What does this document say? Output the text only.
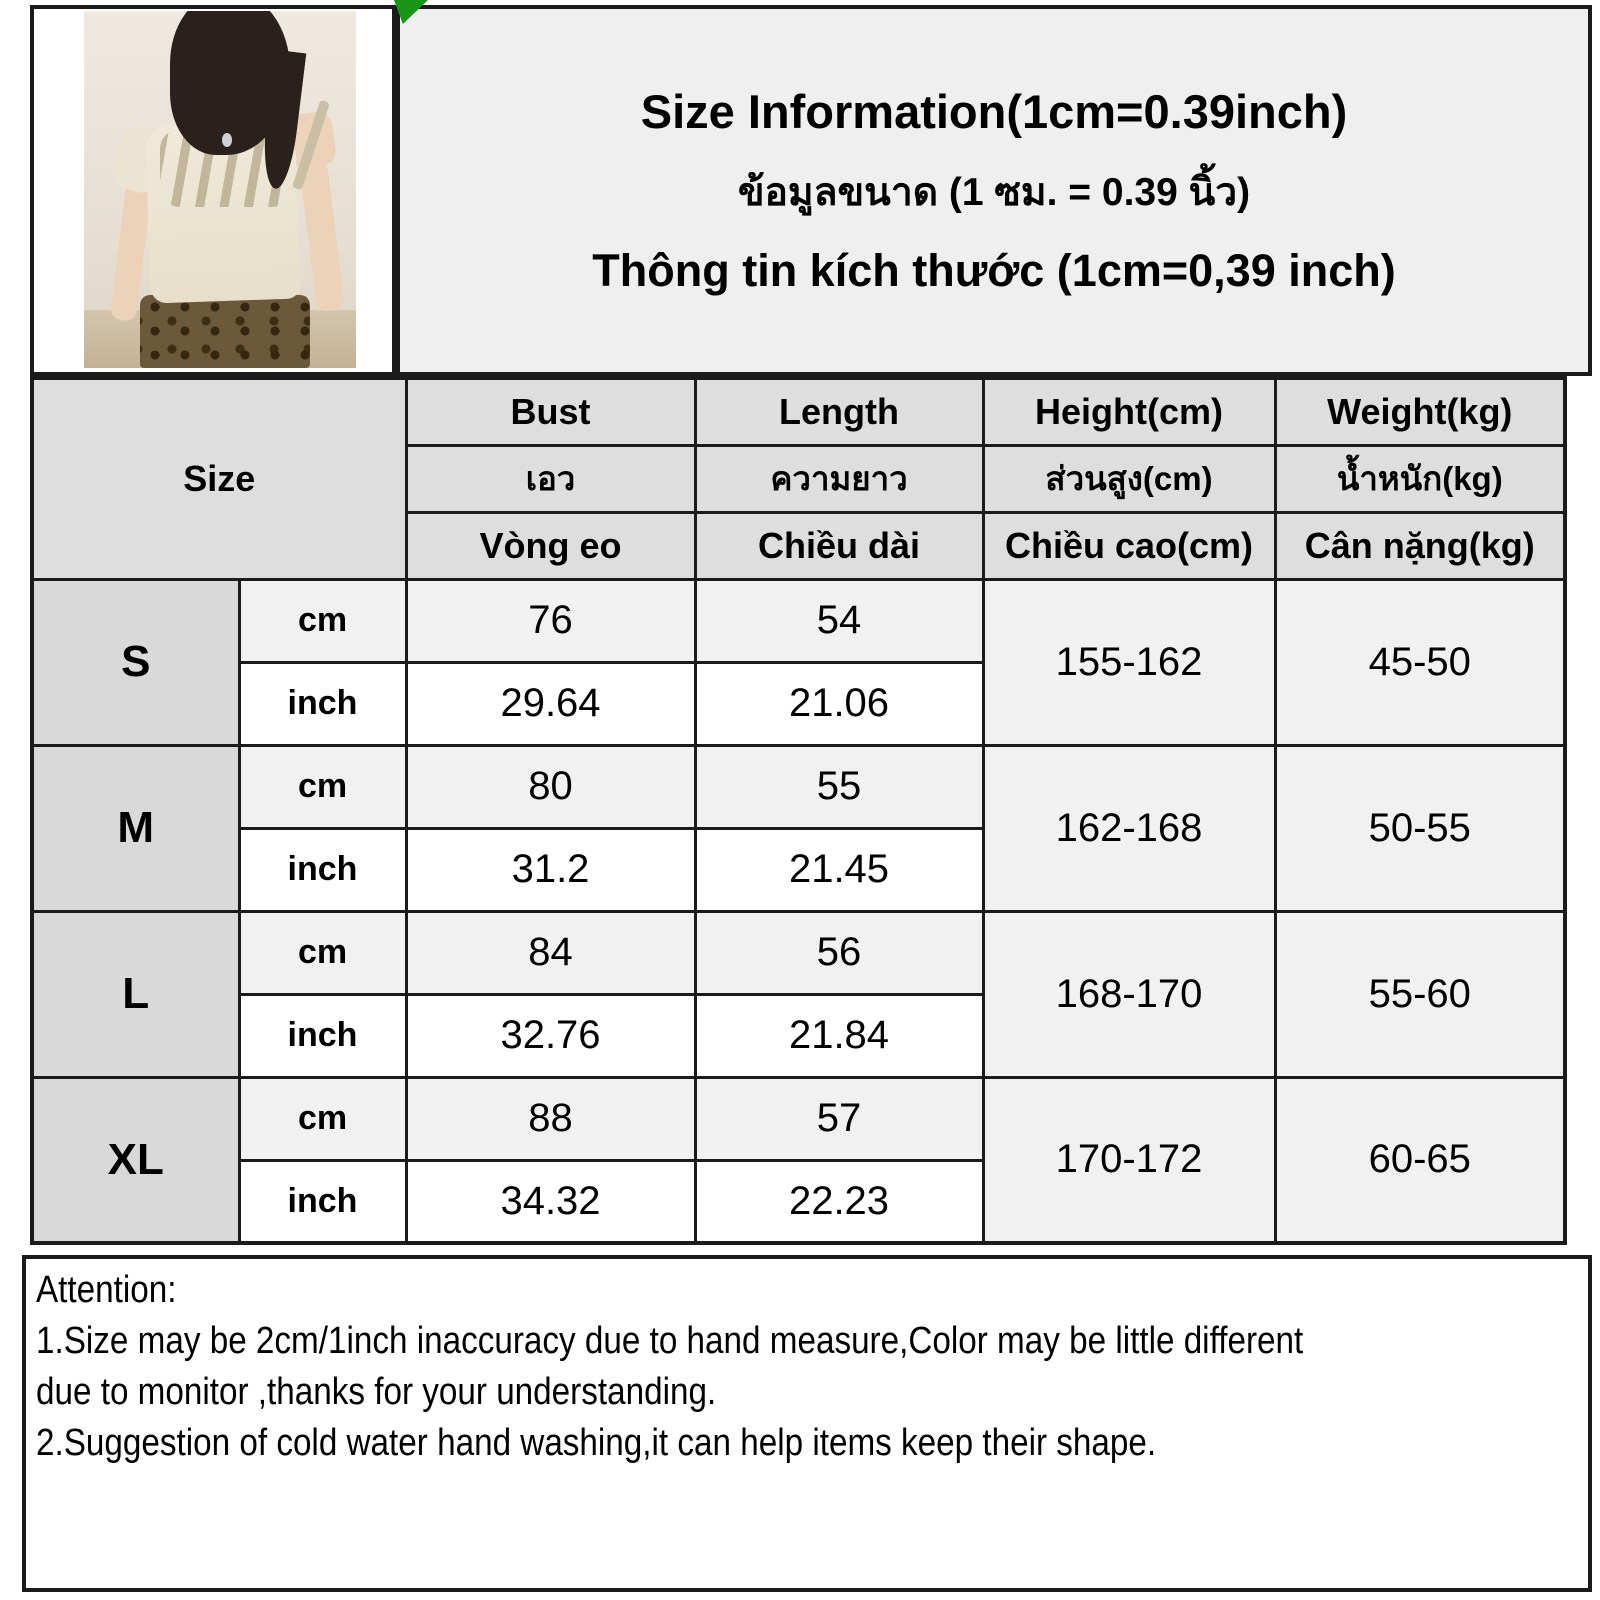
Size Information(1cm=0.39inch)
ข้อมูลขนาด (1 ซม. = 0.39 นิ้ว)
Thông tin kích thước (1cm=0,39 inch)
Size		Bust	Length	Height(cm)	Weight(kg)
		เอว	ความยาว	ส่วนสูง(cm)	น้ำหนัก(kg)
		Vòng eo	Chiều dài	Chiều cao(cm)	Cân nặng(kg)
S	cm	76	54	155-162	45-50
	inch	29.64	21.06		
M	cm	80	55	162-168	50-55
	inch	31.2	21.45		
L	cm	84	56	168-170	55-60
	inch	32.76	21.84		
XL	cm	88	57	170-172	60-65
	inch	34.32	22.23		
Attention:
1.Size may be 2cm/1inch inaccuracy due to hand measure,Color may be little different
due to monitor ,thanks for your understanding.
2.Suggestion of cold water hand washing,it can help items keep their shape.
